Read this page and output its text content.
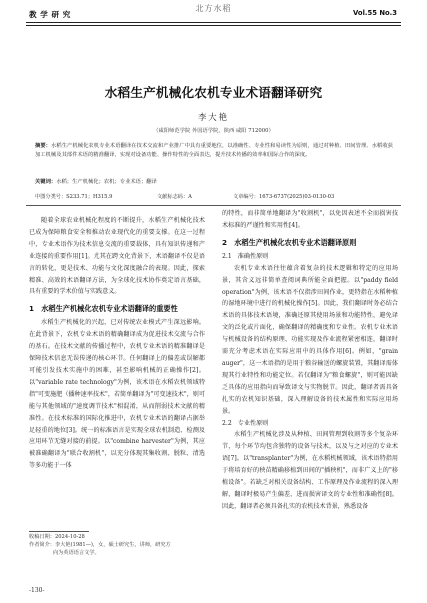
教 学 研 究
北方水稻	Vol.55 No.3
水稻生产机械化农机专业术语翻译研究
李大艳
（咸阳师范学院 外国语学院，陕西 咸阳 712000）
摘要：水稻生产机械化农机专业术语翻译在技术交流和产业推广中具有重要地位，以准确性、专业性和易读性为原则，通过对种植、田间管理、水稻收获加工机械及其部件术语的精准翻译，实现对设备功能、操作特性的全面表达，提升技术传播的效率和国际合作的深度。
关键词：水稻；生产机械化；农机；专业术语；翻译
中图分类号：S233.71；H315.9	文献标志码：A	文章编号：1673-6737(2025)03-0130-03

随着全球农业机械化程度的不断提升，水稻生产机械化技术已成为保障粮食安全和推动农业现代化的重要支撑。在这一过程中，专业术语作为技术信息交流的重要载体，具有知识传递和产业连接的重要作用[1]。尤其在跨文化背景下，术语翻译不仅是语言的转化，更是技术、功能与文化深度融合的表现。因此，探索精准、高效的术语翻译方法，为全球化技术协作奠定语言基础，具有重要的学术价值与实践意义。

1　水稻生产机械化农机专业术语翻译的重要性

水稻生产机械化的兴起，已对传统农业模式产生深远影响。在此背景下，农机专业术语的精确翻译成为促进技术交流与合作的基石。在技术文献的传播过程中，农机专业术语的精准翻译是保障技术信息无误传递的核心环节。任何翻译上的偏差或误解都可能引发技术实施中的困难，甚至影响机械的正确操作[2]。以"variable rate technology"为例，该术语在水稻农机领域特指"可变施肥（播种速率技术"，若简单翻译为"可变速技术"，则可能与其他领域的"速度调节技术"相混淆，从而削弱技术文献的精准性。在技术标准的国际化推进中，农机专业术语的翻译占据举足轻重的地位[3]。统一的标准语言是实现全球农机制造、检测及应用环节无缝对接的前提。以"combine harvester"为例，其应被准确翻译为"联合收割机"，以充分体现其集收割、脱粒、清选等多功能于一体

的特性，而非简单地翻译为"收割机"，以免因表述不全而损害技术标准的严谨性和实用性[4]。

2　水稻生产机械化农机专业术语翻译原则

2.1　准确性原则

农机专业术语往往蕴含着复杂的技术逻辑和特定的应用场景，其含义远非简单查阅词典所能全面把握。以"paddy field operation"为例，该术语不仅指涉田间作业，更特指在水稻种植的湿地环境中进行的机械化操作[5]。因此，我们翻译时务必结合术语的具体技术语境，准确还原其使用场景和功能特性，避免译文的泛化或片面化，确保翻译的精确度和专业性。农机专业术语与机械设备的结构原理、功能实现及作业流程紧密相连，翻译时需充分考虑术语在实际应用中的具体作用[6]。例如，"grain auger"，这一术语指的是用于粮谷输送的螺旋装置，其翻译需体现其行业特性和功能定位。若仅翻译为"粮食螺旋"，则可能因缺乏具体的应用指向而导致译文与实物脱节。因此，翻译者需具备扎实的农机知识基础，深入理解设备的技术属性和实际应用场景。

2.2　专业性原则

水稻生产机械化涉及从种植、田间管理到收割等多个复杂环节，每个环节均包含独特的设备与技术，以及与之对应的专业术语[7]。以"transplanter"为例，在水稻机械领域，该术语特指用于将培育好的秧苗精确移植到田间的"插秧机"，而非广义上的"移植设备"。若缺乏对相关设备结构、工作原理及作业流程的深入理解，翻译时极易产生偏差，进而损害译文的专业性和准确性[8]。因此，翻译者必须具备扎实的农机技术背景，熟悉设备

收稿日期：2024-10-28
作者简介：李大艳(1981—)，女，硕士研究生，讲师，研究方
向为英语语言文学。
-130-
